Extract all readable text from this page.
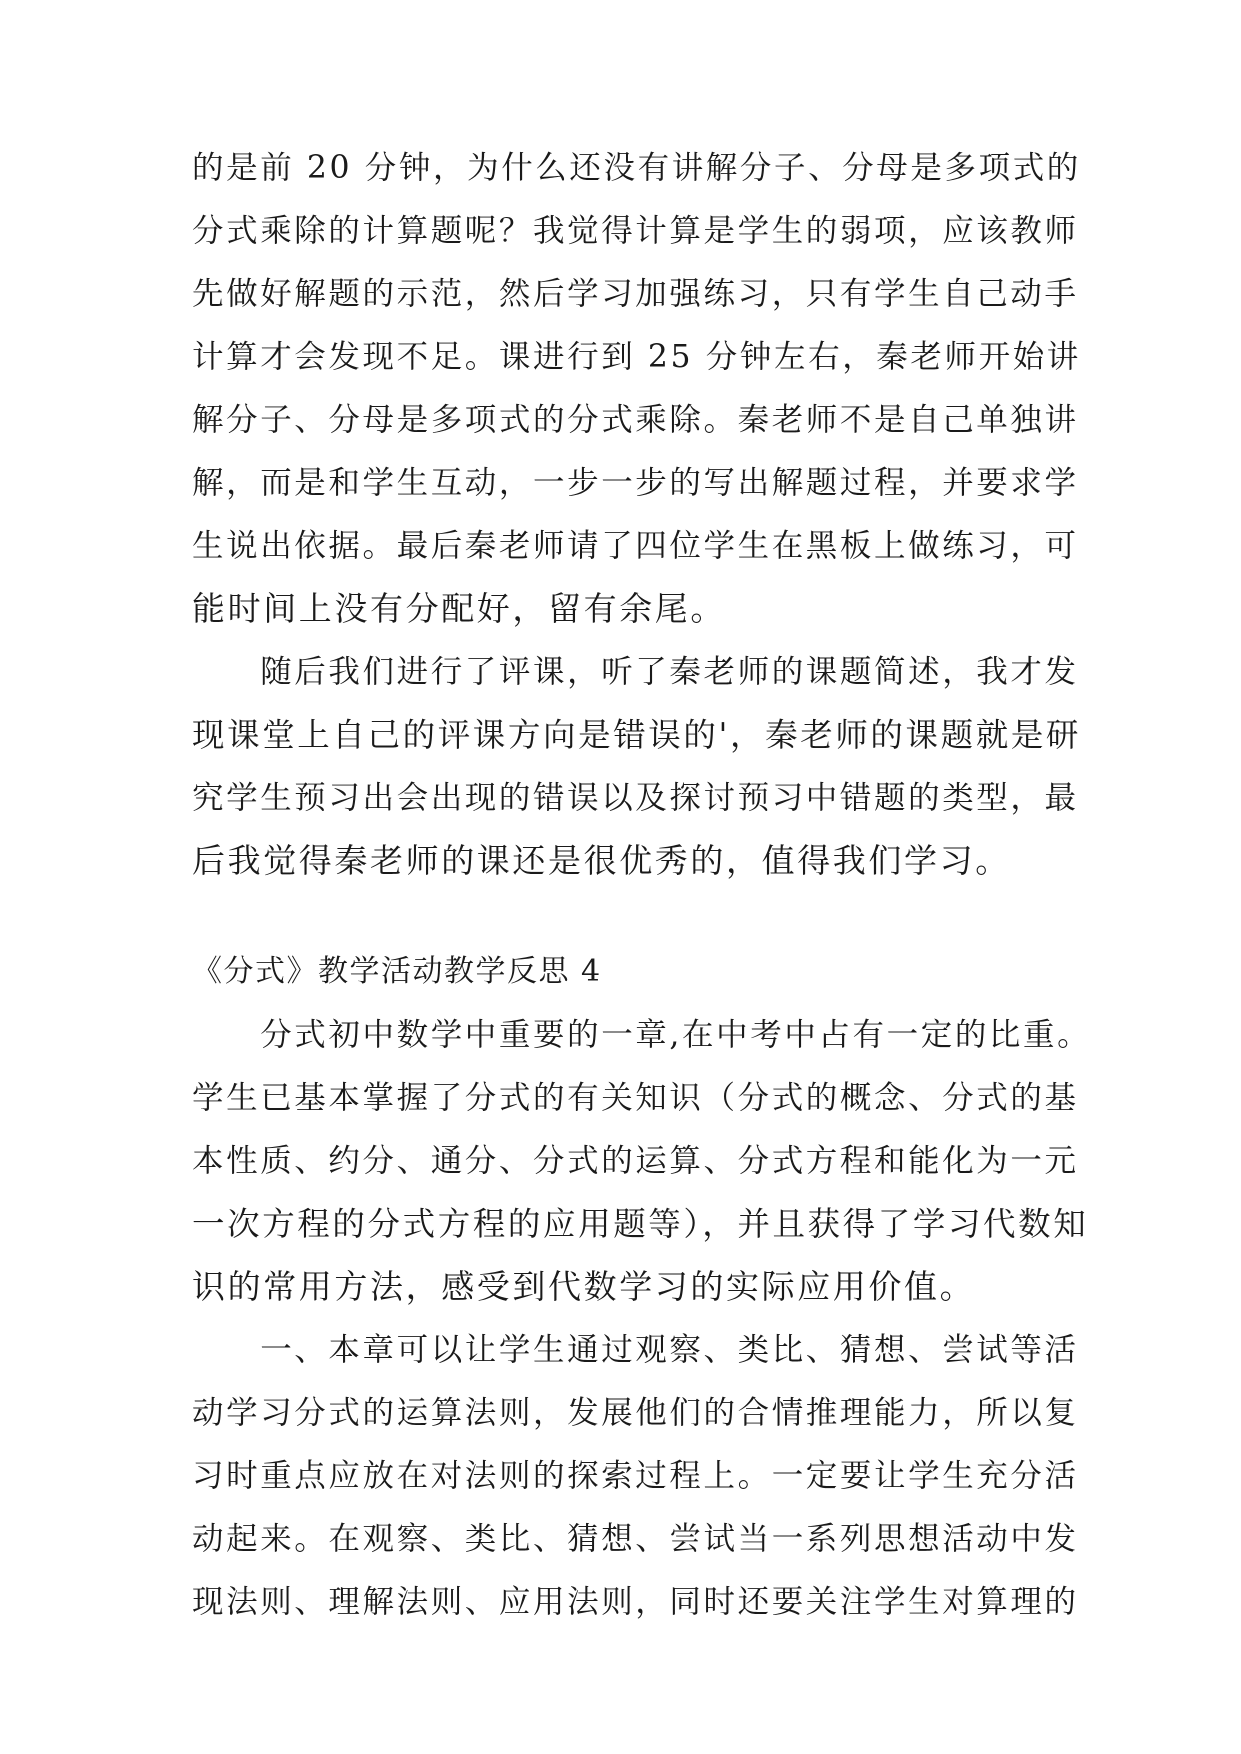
的是前 20 分钟，为什么还没有讲解分子、分母是多项式的
分式乘除的计算题呢？我觉得计算是学生的弱项，应该教师
先做好解题的示范，然后学习加强练习，只有学生自己动手
计算才会发现不足。课进行到 25 分钟左右，秦老师开始讲
解分子、分母是多项式的分式乘除。秦老师不是自己单独讲
解，而是和学生互动，一步一步的写出解题过程，并要求学
生说出依据。最后秦老师请了四位学生在黑板上做练习，可
能时间上没有分配好，留有余尾。
　　随后我们进行了评课，听了秦老师的课题简述，我才发
现课堂上自己的评课方向是错误的'，秦老师的课题就是研
究学生预习出会出现的错误以及探讨预习中错题的类型，最
后我觉得秦老师的课还是很优秀的，值得我们学习。
《分式》教学活动教学反思 4
　　分式初中数学中重要的一章,在中考中占有一定的比重。
学生已基本掌握了分式的有关知识（分式的概念、分式的基
本性质、约分、通分、分式的运算、分式方程和能化为一元
一次方程的分式方程的应用题等），并且获得了学习代数知
识的常用方法，感受到代数学习的实际应用价值。
　　一、本章可以让学生通过观察、类比、猜想、尝试等活
动学习分式的运算法则，发展他们的合情推理能力，所以复
习时重点应放在对法则的探索过程上。一定要让学生充分活
动起来。在观察、类比、猜想、尝试当一系列思想活动中发
现法则、理解法则、应用法则，同时还要关注学生对算理的
